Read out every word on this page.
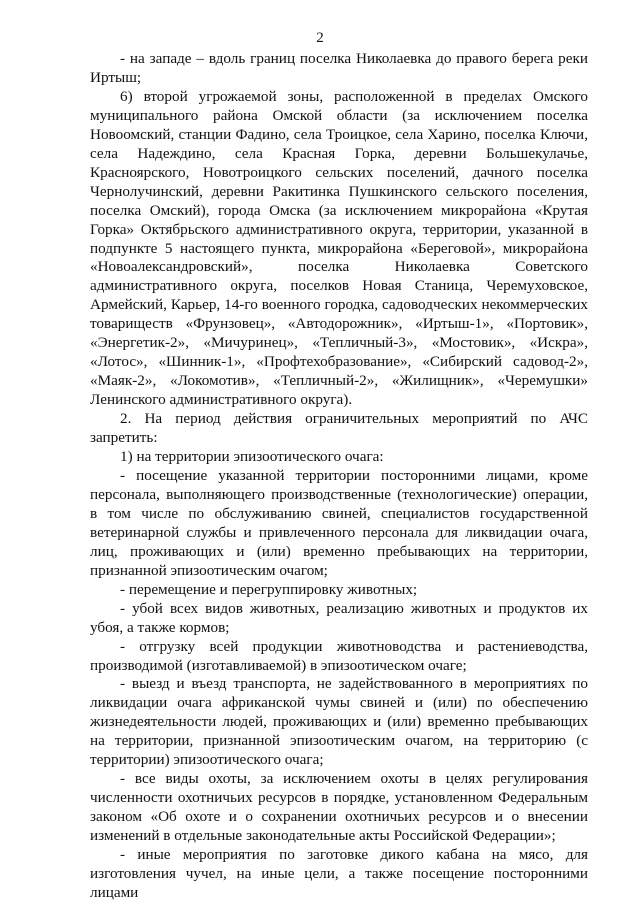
2

- на западе – вдоль границ поселка Николаевка до правого берега реки Иртыш;

6) второй угрожаемой зоны, расположенной в пределах Омского муниципального района Омской области (за исключением поселка Новоомский, станции Фадино, села Троицкое, села Харино, поселка Ключи, села Надеждино, села Красная Горка, деревни Большекулачье, Красноярского, Новотроицкого сельских поселений, дачного поселка Чернолучинский, деревни Ракитинка Пушкинского сельского поселения, поселка Омский), города Омска (за исключением микрорайона «Крутая Горка» Октябрьского административного округа, территории, указанной в подпункте 5 настоящего пункта, микрорайона «Береговой», микрорайона «Новоалександровский», поселка Николаевка Советского административного округа, поселков Новая Станица, Черемуховское, Армейский, Карьер, 14-го военного городка, садоводческих некоммерческих товариществ «Фрунзовец», «Автодорожник», «Иртыш-1», «Портовик», «Энергетик-2», «Мичуринец», «Тепличный-3», «Мостовик», «Искра», «Лотос», «Шинник-1», «Профтехобразование», «Сибирский садовод-2», «Маяк-2», «Локомотив», «Тепличный-2», «Жилищник», «Черемушки» Ленинского административного округа).

2. На период действия ограничительных мероприятий по АЧС запретить:

1) на территории эпизоотического очага:

- посещение указанной территории посторонними лицами, кроме персонала, выполняющего производственные (технологические) операции, в том числе по обслуживанию свиней, специалистов государственной ветеринарной службы и привлеченного персонала для ликвидации очага, лиц, проживающих и (или) временно пребывающих на территории, признанной эпизоотическим очагом;

- перемещение и перегруппировку животных;

- убой всех видов животных, реализацию животных и продуктов их убоя, а также кормов;

- отгрузку всей продукции животноводства и растениеводства, производимой (изготавливаемой) в эпизоотическом очаге;

- выезд и въезд транспорта, не задействованного в мероприятиях по ликвидации очага африканской чумы свиней и (или) по обеспечению жизнедеятельности людей, проживающих и (или) временно пребывающих на территории, признанной эпизоотическим очагом, на территорию (с территории) эпизоотического очага;

- все виды охоты, за исключением охоты в целях регулирования численности охотничьих ресурсов в порядке, установленном Федеральным законом «Об охоте и о сохранении охотничьих ресурсов и о внесении изменений в отдельные законодательные акты Российской Федерации»;

- иные мероприятия по заготовке дикого кабана на мясо, для изготовления чучел, на иные цели, а также посещение посторонними лицами
